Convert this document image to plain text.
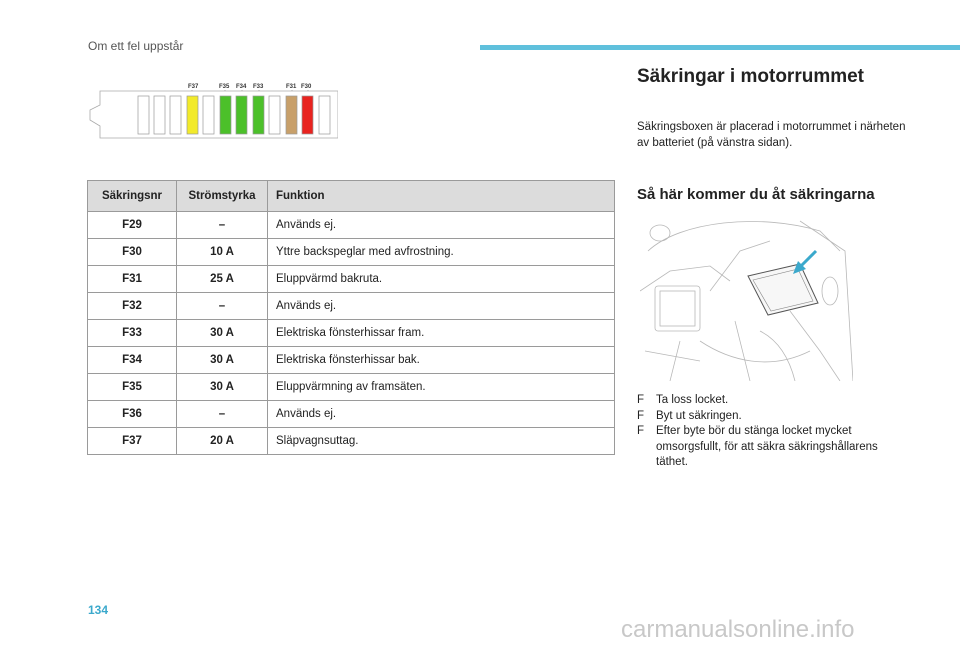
Om ett fel uppstår
F37	F35 F34 F33	F31 F30
Säkringsnr	Strömstyrka	Funktion
F29	–	Används ej.
F30	10 A	Yttre backspeglar med avfrostning.
F31	25 A	Eluppvärmd bakruta.
F32	–	Används ej.
F33	30 A	Elektriska fönsterhissar fram.
F34	30 A	Elektriska fönsterhissar bak.
F35	30 A	Eluppvärmning av framsäten.
F36	–	Används ej.
F37	20 A	Släpvagnsuttag.
Säkringar i motorrummet
Säkringsboxen är placerad i motorrummet i närheten av batteriet (på vänstra sidan).
Så här kommer du åt säkringarna
F Ta loss locket.
F Byt ut säkringen.
F Efter byte bör du stänga locket mycket omsorgsfullt, för att säkra säkringshållarens täthet.
134
carmanualsonline.info
